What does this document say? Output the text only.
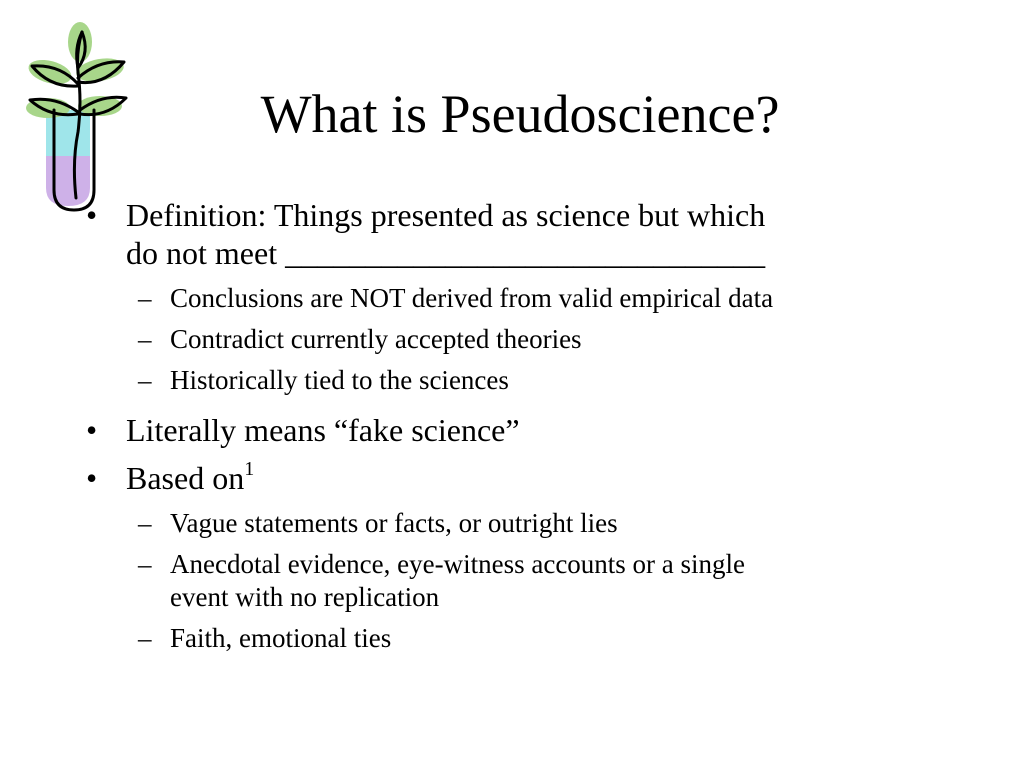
What is Pseudoscience?
• Definition: Things presented as science but which
do not meet ______________________________
– Conclusions are NOT derived from valid empirical data
– Contradict currently accepted theories
– Historically tied to the sciences
• Literally means “fake science”
• Based $on^1$
– Vague statements or facts, or outright lies
– Anecdotal evidence, eye-witness accounts or a single
event with no replication
– Faith, emotional ties
